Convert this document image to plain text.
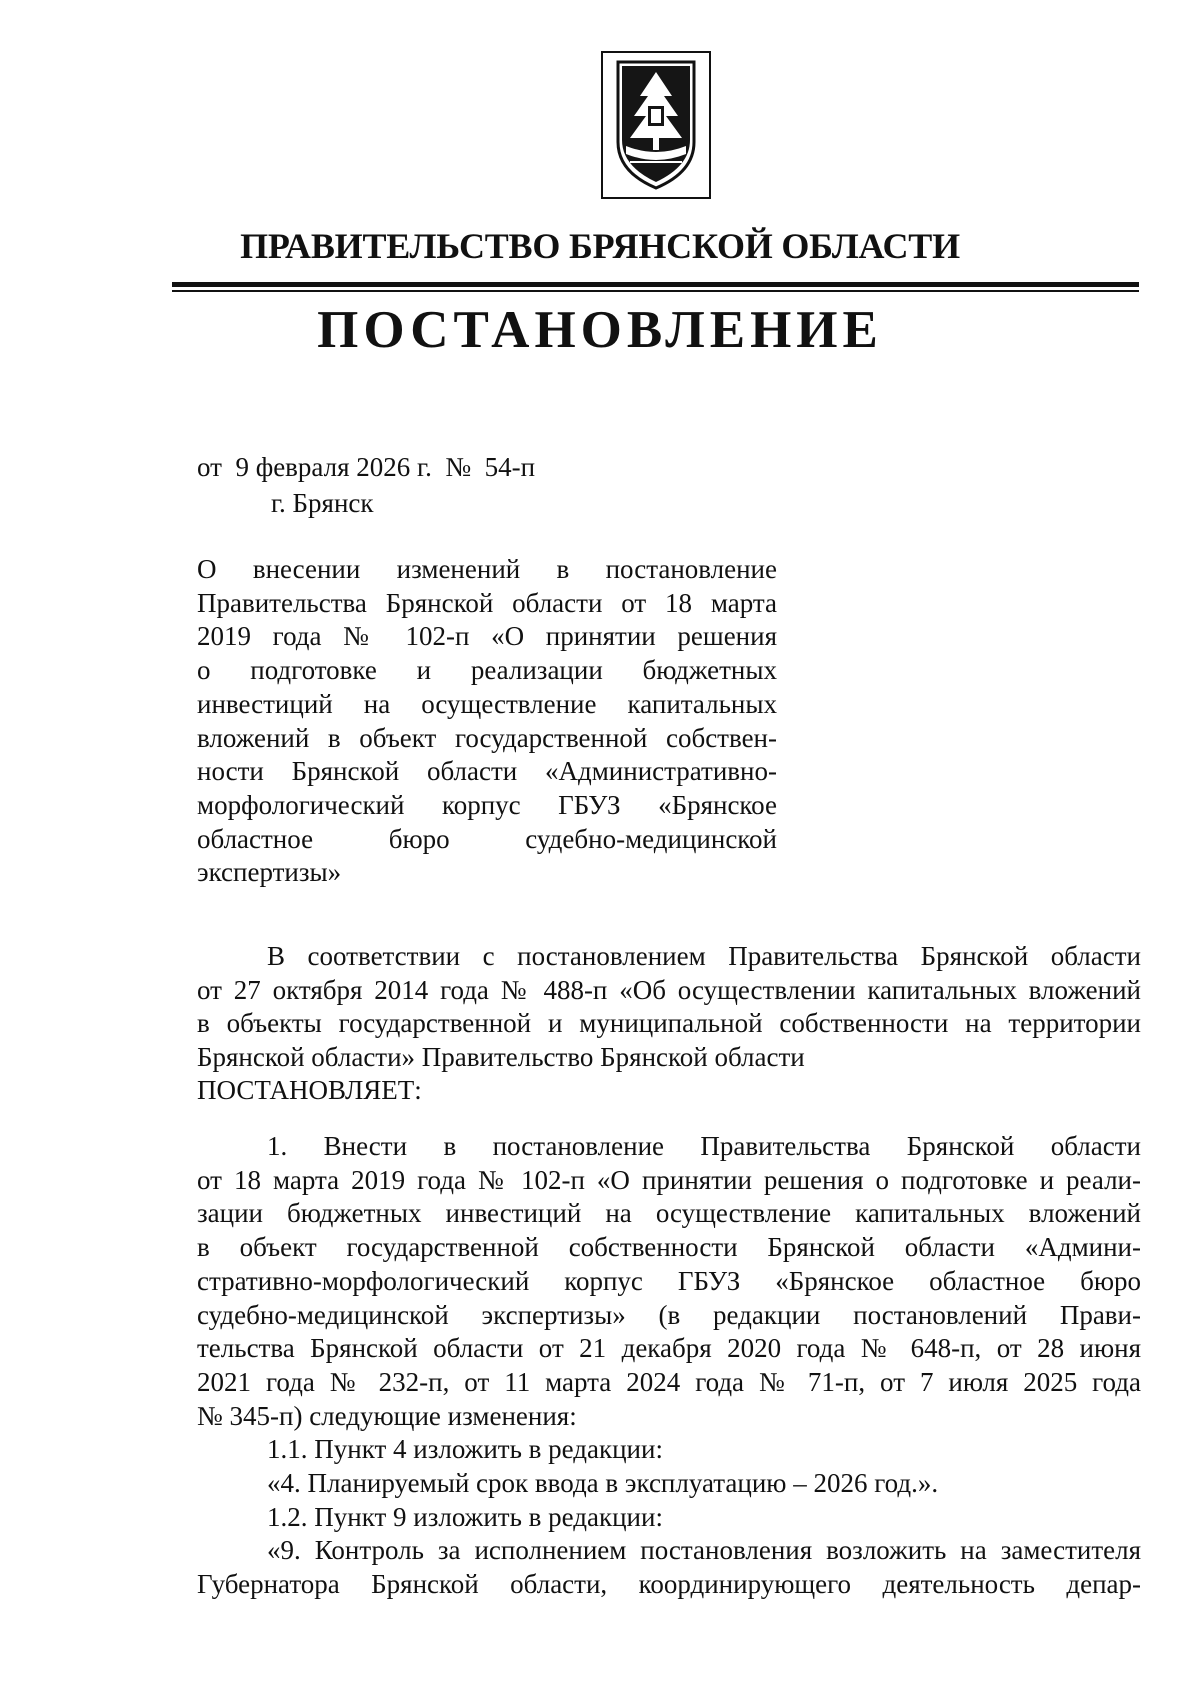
ПРАВИТЕЛЬСТВО БРЯНСКОЙ ОБЛАСТИ
ПОСТАНОВЛЕНИЕ
от  9 февраля 2026 г.  №  54-п
г. Брянск
О внесении изменений в постановление
Правительства Брянской области от 18 марта
2019 года № 102-п «О принятии решения
о подготовке и реализации бюджетных
инвестиций на осуществление капитальных
вложений в объект государственной собствен-
ности Брянской области «Административно-
морфологический корпус ГБУЗ «Брянское
областное бюро судебно-медицинской
экспертизы»
В соответствии с постановлением Правительства Брянской области
от 27 октября 2014 года № 488-п «Об осуществлении капитальных вложений
в объекты государственной и муниципальной собственности на территории
Брянской области» Правительство Брянской области
ПОСТАНОВЛЯЕТ:
1. Внести в постановление Правительства Брянской области
от 18 марта 2019 года № 102-п «О принятии решения о подготовке и реали-
зации бюджетных инвестиций на осуществление капитальных вложений
в объект государственной собственности Брянской области «Админи-
стративно-морфологический корпус ГБУЗ «Брянское областное бюро
судебно-медицинской экспертизы» (в редакции постановлений Прави-
тельства Брянской области от 21 декабря 2020 года № 648-п, от 28 июня
2021 года № 232-п, от 11 марта 2024 года № 71-п, от 7 июля 2025 года
№ 345-п) следующие изменения:
1.1. Пункт 4 изложить в редакции:
«4. Планируемый срок ввода в эксплуатацию – 2026 год.».
1.2. Пункт 9 изложить в редакции:
«9. Контроль за исполнением постановления возложить на заместителя
Губернатора Брянской области, координирующего деятельность депар-
